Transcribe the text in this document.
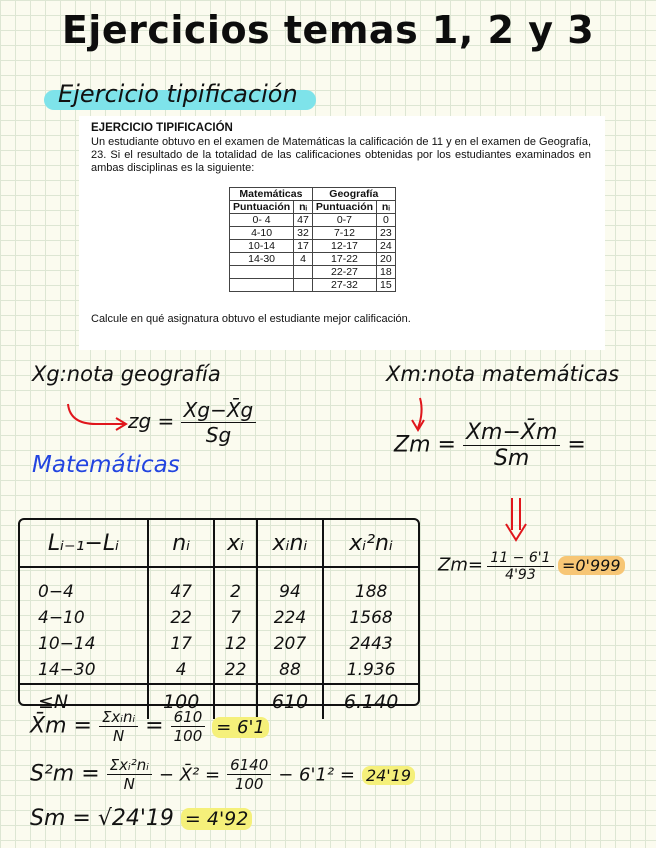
Ejercicios temas 1, 2 y 3
Ejercicio tipificación
EJERCICIO TIPIFICACIÓN
Un estudiante obtuvo en el examen de Matemáticas la calificación de 11 y en el examen de Geografía, 23. Si el resultado de la totalidad de las calificaciones obtenidas por los estudiantes examinados en ambas disciplinas es la siguiente:
Matemáticas		Geografía	
Puntuación	nᵢ	Puntuación	nᵢ
0- 4	47	0-7	0
4-10	32	7-12	23
10-14	17	12-17	24
14-30	4	17-22	20
		22-27	18
		27-32	15
Calcule en qué asignatura obtuvo el estudiante mejor calificación.
Xg:nota geografía	Xm:nota matemáticas
zg = $\frac{Xg-X̄g}{Sg}$	$Zm = \frac{Xm-X̄m}{Sm}$ =
Matemáticas
$Zm= \frac{11 - 6'1}{4'93} =0'999$
Lᵢ₋₁−Lᵢ	nᵢ	xᵢ	xᵢnᵢ	xᵢ²nᵢ
0−4	47	2	94	188
4−10	22	7	224	1568
10−14	17	12	207	2443
14−30	4	22	88	1.936
≤N	100		610	6.140
X̄m = $\frac{\text{Σxᵢnᵢ}}{N} = \frac{610}{100} = 6'1$
$S^2m = \frac{\text{Σxᵢ²nᵢ}}{N}$ − X̄² = $\frac{6140}{100} - 6'1^2 = 24'19$
Sm = √24'19 = 4'92
